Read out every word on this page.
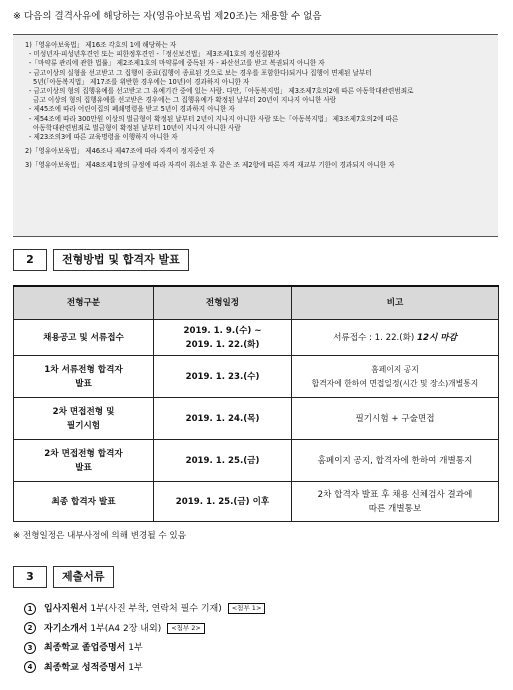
※ 다음의 결격사유에 해당하는 자(영유아보육법 제20조)는 채용할 수 없음
1)「영유아보육법」 제16조 각호의 1에 해당하는 자
- 미성년자·피성년후견인 또는 피한정후견인 -「정신보건법」 제3조제1호의 정신질환자
-「마약류 관리에 관한 법률」 제2조제1호의 마약류에 중독된 자 - 파산선고를 받고 복권되지 아니한 자
- 금고이상의 실형을 선고받고 그 집행이 종료(집행이 종료된 것으로 보는 경우를 포함한다)되거나 집행이 면제된 날부터
5년(「아동복지법」 제17조를 위반한 경우에는 10년)이 경과하지 아니한 자
- 금고이상의 형의 집행유예를 선고받고 그 유예기간 중에 있는 사람. 다만,「아동복지법」 제3조제7호의2에 따른 아동학대관련범죄로
금고 이상의 형의 집행유예를 선고받은 경우에는 그 집행유예가 확정된 날부터 20년이 지나지 아니한 사람
- 제45조에 따라 어린이집의 폐쇄명령을 받고 5년이 경과하지 아니한 자
- 제54조에 따라 300만원 이상의 벌금형이 확정된 날부터 2년이 지나지 아니한 사람 또는「아동복지법」 제3조제7호의2에 따른
아동학대관련범죄로 벌금형이 확정된 날부터 10년이 지나지 아니한 사람
- 제23조의3에 따른 교육명령을 이행하지 아니한 자
2)「영유아보육법」 제46조나 제47조에 따라 자격이 정지중인 자
3)「영유아보육법」 제48조제1항의 규정에 따라 자격이 취소된 후 같은 조 제2항에 따른 자격 재교부 기한이 경과되지 아니한 자
2	전형방법 및 합격자 발표
전형구분	전형일정	비고
채용공고 및 서류접수	2019. 1. 9.(수) ~
2019. 1. 22.(화)	서류접수 : 1. 22.(화) 12시 마감
1차 서류전형 합격자
발표	2019. 1. 23.(수)	홈페이지 공지
합격자에 한하여 면접일정(시간 및 장소)개별통지
2차 면접전형 및
필기시험	2019. 1. 24.(목)	필기시험 + 구술면접
2차 면접전형 합격자
발표	2019. 1. 25.(금)	홈페이지 공지, 합격자에 한하여 개별통지
최종 합격자 발표	2019. 1. 25.(금) 이후	2차 합격자 발표 후 채용 신체검사 결과에
따른 개별통보
※ 전형일정은 내부사정에 의해 변경될 수 있음
3	제출서류
1 입사지원서 1부(사진 부착, 연락처 필수 기재) <첨부 1>
2 자기소개서 1부(A4 2장 내외) <첨부 2>
3 최종학교 졸업증명서 1부
4 최종학교 성적증명서 1부
